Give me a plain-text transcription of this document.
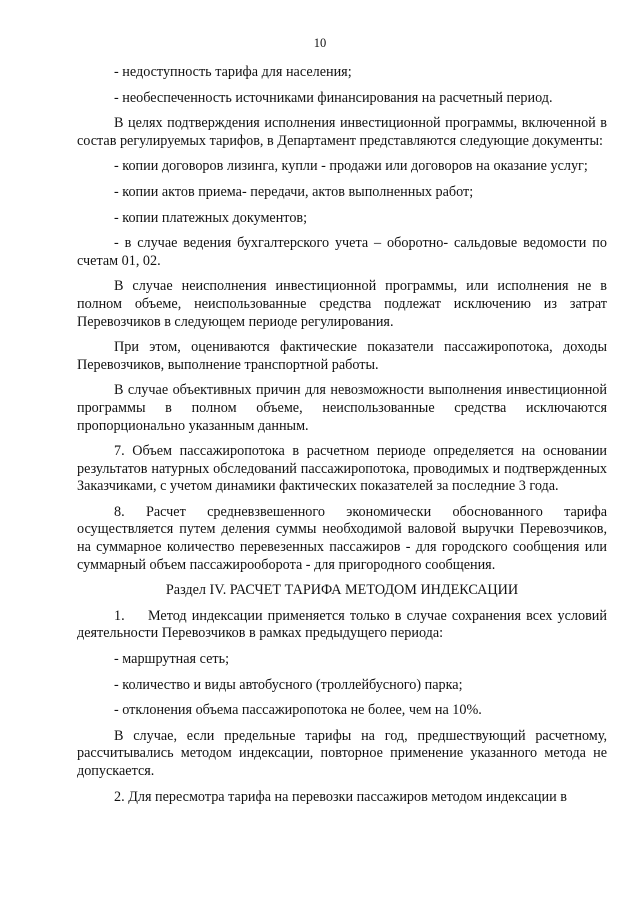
10

- недоступность тарифа для населения;

- необеспеченность источниками финансирования на расчетный период.

В целях подтверждения исполнения инвестиционной программы, включенной в состав регулируемых тарифов, в Департамент представляются следующие документы:

- копии договоров лизинга, купли - продажи или договоров на оказание услуг;

- копии актов приема- передачи, актов выполненных работ;

- копии платежных документов;

- в случае ведения бухгалтерского учета – оборотно- сальдовые ведомости по счетам 01, 02.

В случае неисполнения инвестиционной программы, или исполнения не в полном объеме, неиспользованные средства подлежат исключению из затрат Перевозчиков в следующем периоде регулирования.

При этом, оцениваются фактические показатели пассажиропотока, доходы Перевозчиков, выполнение транспортной работы.

В случае объективных причин для невозможности выполнения инвестиционной программы в полном объеме, неиспользованные средства исключаются пропорционально указанным данным.

7. Объем пассажиропотока в расчетном периоде определяется на основании результатов натурных обследований пассажиропотока, проводимых и подтвержденных Заказчиками, с учетом динамики фактических показателей за последние 3 года.

8. Расчет средневзвешенного экономически обоснованного тарифа осуществляется путем деления суммы необходимой валовой выручки Перевозчиков, на суммарное количество перевезенных пассажиров - для городского сообщения или суммарный объем пассажирооборота - для пригородного сообщения.

Раздел IV. РАСЧЕТ ТАРИФА МЕТОДОМ ИНДЕКСАЦИИ

1. Метод индексации применяется только в случае сохранения всех условий деятельности Перевозчиков в рамках предыдущего периода:

- маршрутная сеть;

- количество и виды автобусного (троллейбусного) парка;

- отклонения объема пассажиропотока не более, чем на 10%.

В случае, если предельные тарифы на год, предшествующий расчетному, рассчитывались методом индексации, повторное применение указанного метода не допускается.

2. Для пересмотра тарифа на перевозки пассажиров методом индексации в
